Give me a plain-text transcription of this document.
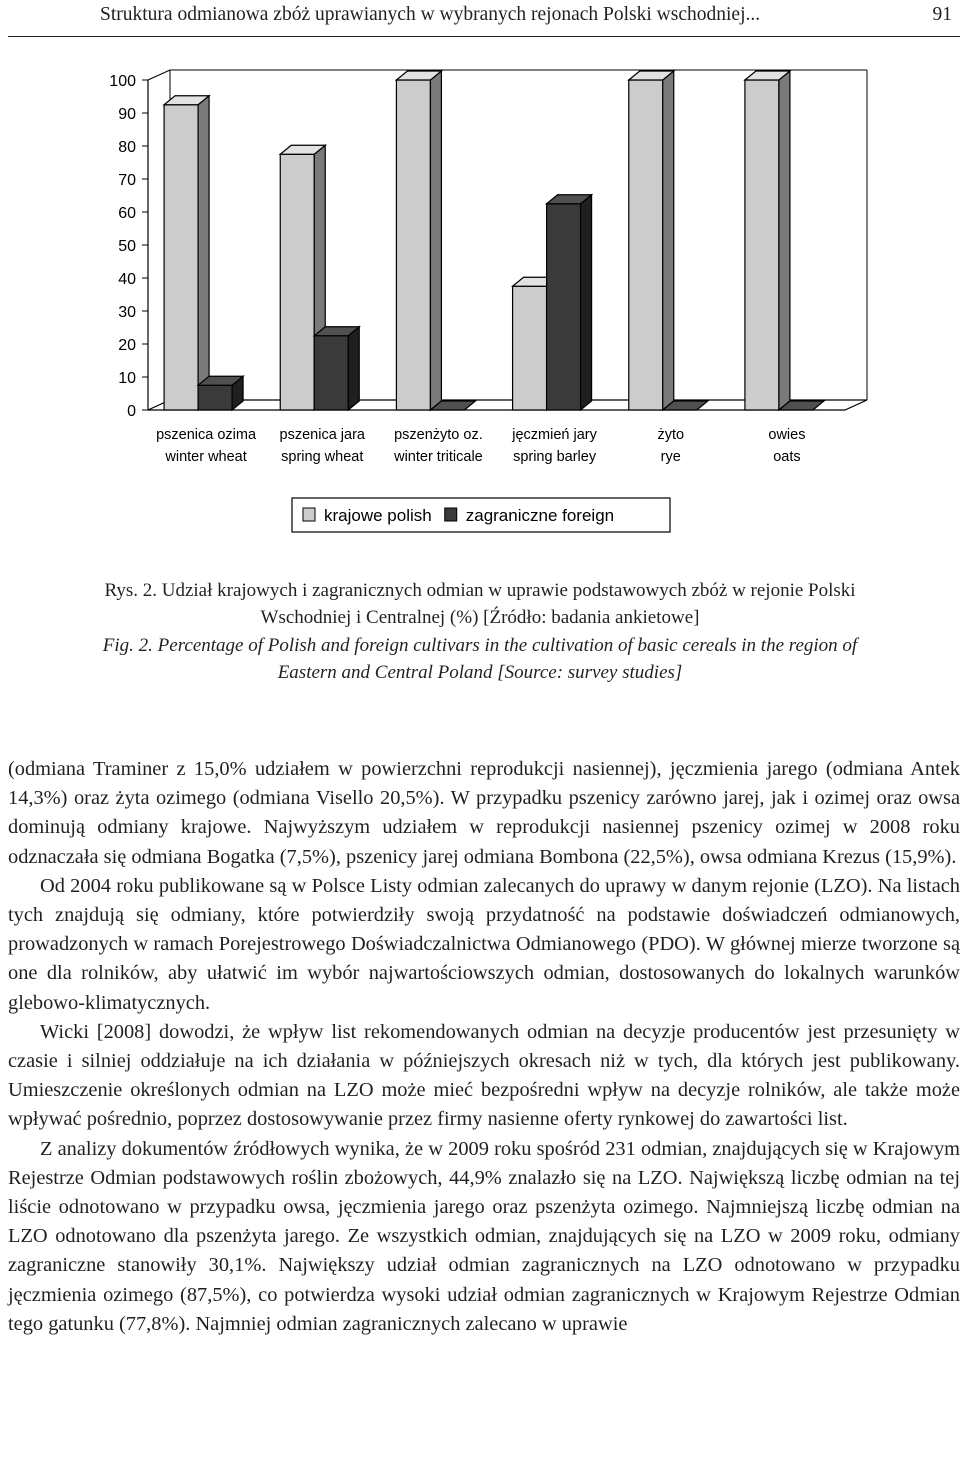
Struktura odmianowa zbóż uprawianych w wybranych rejonach Polski wschodniej...	91
0
10
20
30
40
50
60
70
80
90
100
pszenica ozima
winter wheat
pszenica jara
spring wheat
pszenżyto oz.
winter triticale
jęczmień jary
spring barley
żyto
rye
owies
oats
krajowe polish zagraniczne foreign
Rys. 2. Udział krajowych i zagranicznych odmian w uprawie podstawowych zbóż w rejonie Polski
Wschodniej i Centralnej (%) [Źródło: badania ankietowe]
Fig. 2. Percentage of Polish and foreign cultivars in the cultivation of basic cereals in the region of
Eastern and Central Poland [Source: survey studies]

(odmiana Traminer z 15,0% udziałem w powierzchni reprodukcji nasiennej), jęczmienia jarego (odmiana Antek 14,3%) oraz żyta ozimego (odmiana Visello 20,5%). W przypadku pszenicy zarówno jarej, jak i ozimej oraz owsa dominują odmiany krajowe. Najwyższym udziałem w reprodukcji nasiennej pszenicy ozimej w 2008 roku odznaczała się odmiana Bogatka (7,5%), pszenicy jarej odmiana Bombona (22,5%), owsa odmiana Krezus (15,9%).

Od 2004 roku publikowane są w Polsce Listy odmian zalecanych do uprawy w danym rejonie (LZO). Na listach tych znajdują się odmiany, które potwierdziły swoją przydatność na podstawie doświadczeń odmianowych, prowadzonych w ramach Porejestrowego Doświadczalnictwa Odmianowego (PDO). W głównej mierze tworzone są one dla rolników, aby ułatwić im wybór najwartościowszych odmian, dostosowanych do lokalnych warunków glebowo-klimatycznych.

Wicki [2008] dowodzi, że wpływ list rekomendowanych odmian na decyzje producentów jest przesunięty w czasie i silniej oddziałuje na ich działania w późniejszych okresach niż w tych, dla których jest publikowany. Umieszczenie określonych odmian na LZO może mieć bezpośredni wpływ na decyzje rolników, ale także może wpływać pośrednio, poprzez dostosowywanie przez firmy nasienne oferty rynkowej do zawartości list.

Z analizy dokumentów źródłowych wynika, że w 2009 roku spośród 231 odmian, znajdujących się w Krajowym Rejestrze Odmian podstawowych roślin zbożowych, 44,9% znalazło się na LZO. Największą liczbę odmian na tej liście odnotowano w przypadku owsa, jęczmienia jarego oraz pszenżyta ozimego. Najmniejszą liczbę odmian na LZO odnotowano dla pszenżyta jarego. Ze wszystkich odmian, znajdujących się na LZO w 2009 roku, odmiany zagraniczne stanowiły 30,1%. Największy udział odmian zagranicznych na LZO odnotowano w przypadku jęczmienia ozimego (87,5%), co potwierdza wysoki udział odmian zagranicznych w Krajowym Rejestrze Odmian tego gatunku (77,8%). Najmniej odmian zagranicznych zalecano w uprawie
